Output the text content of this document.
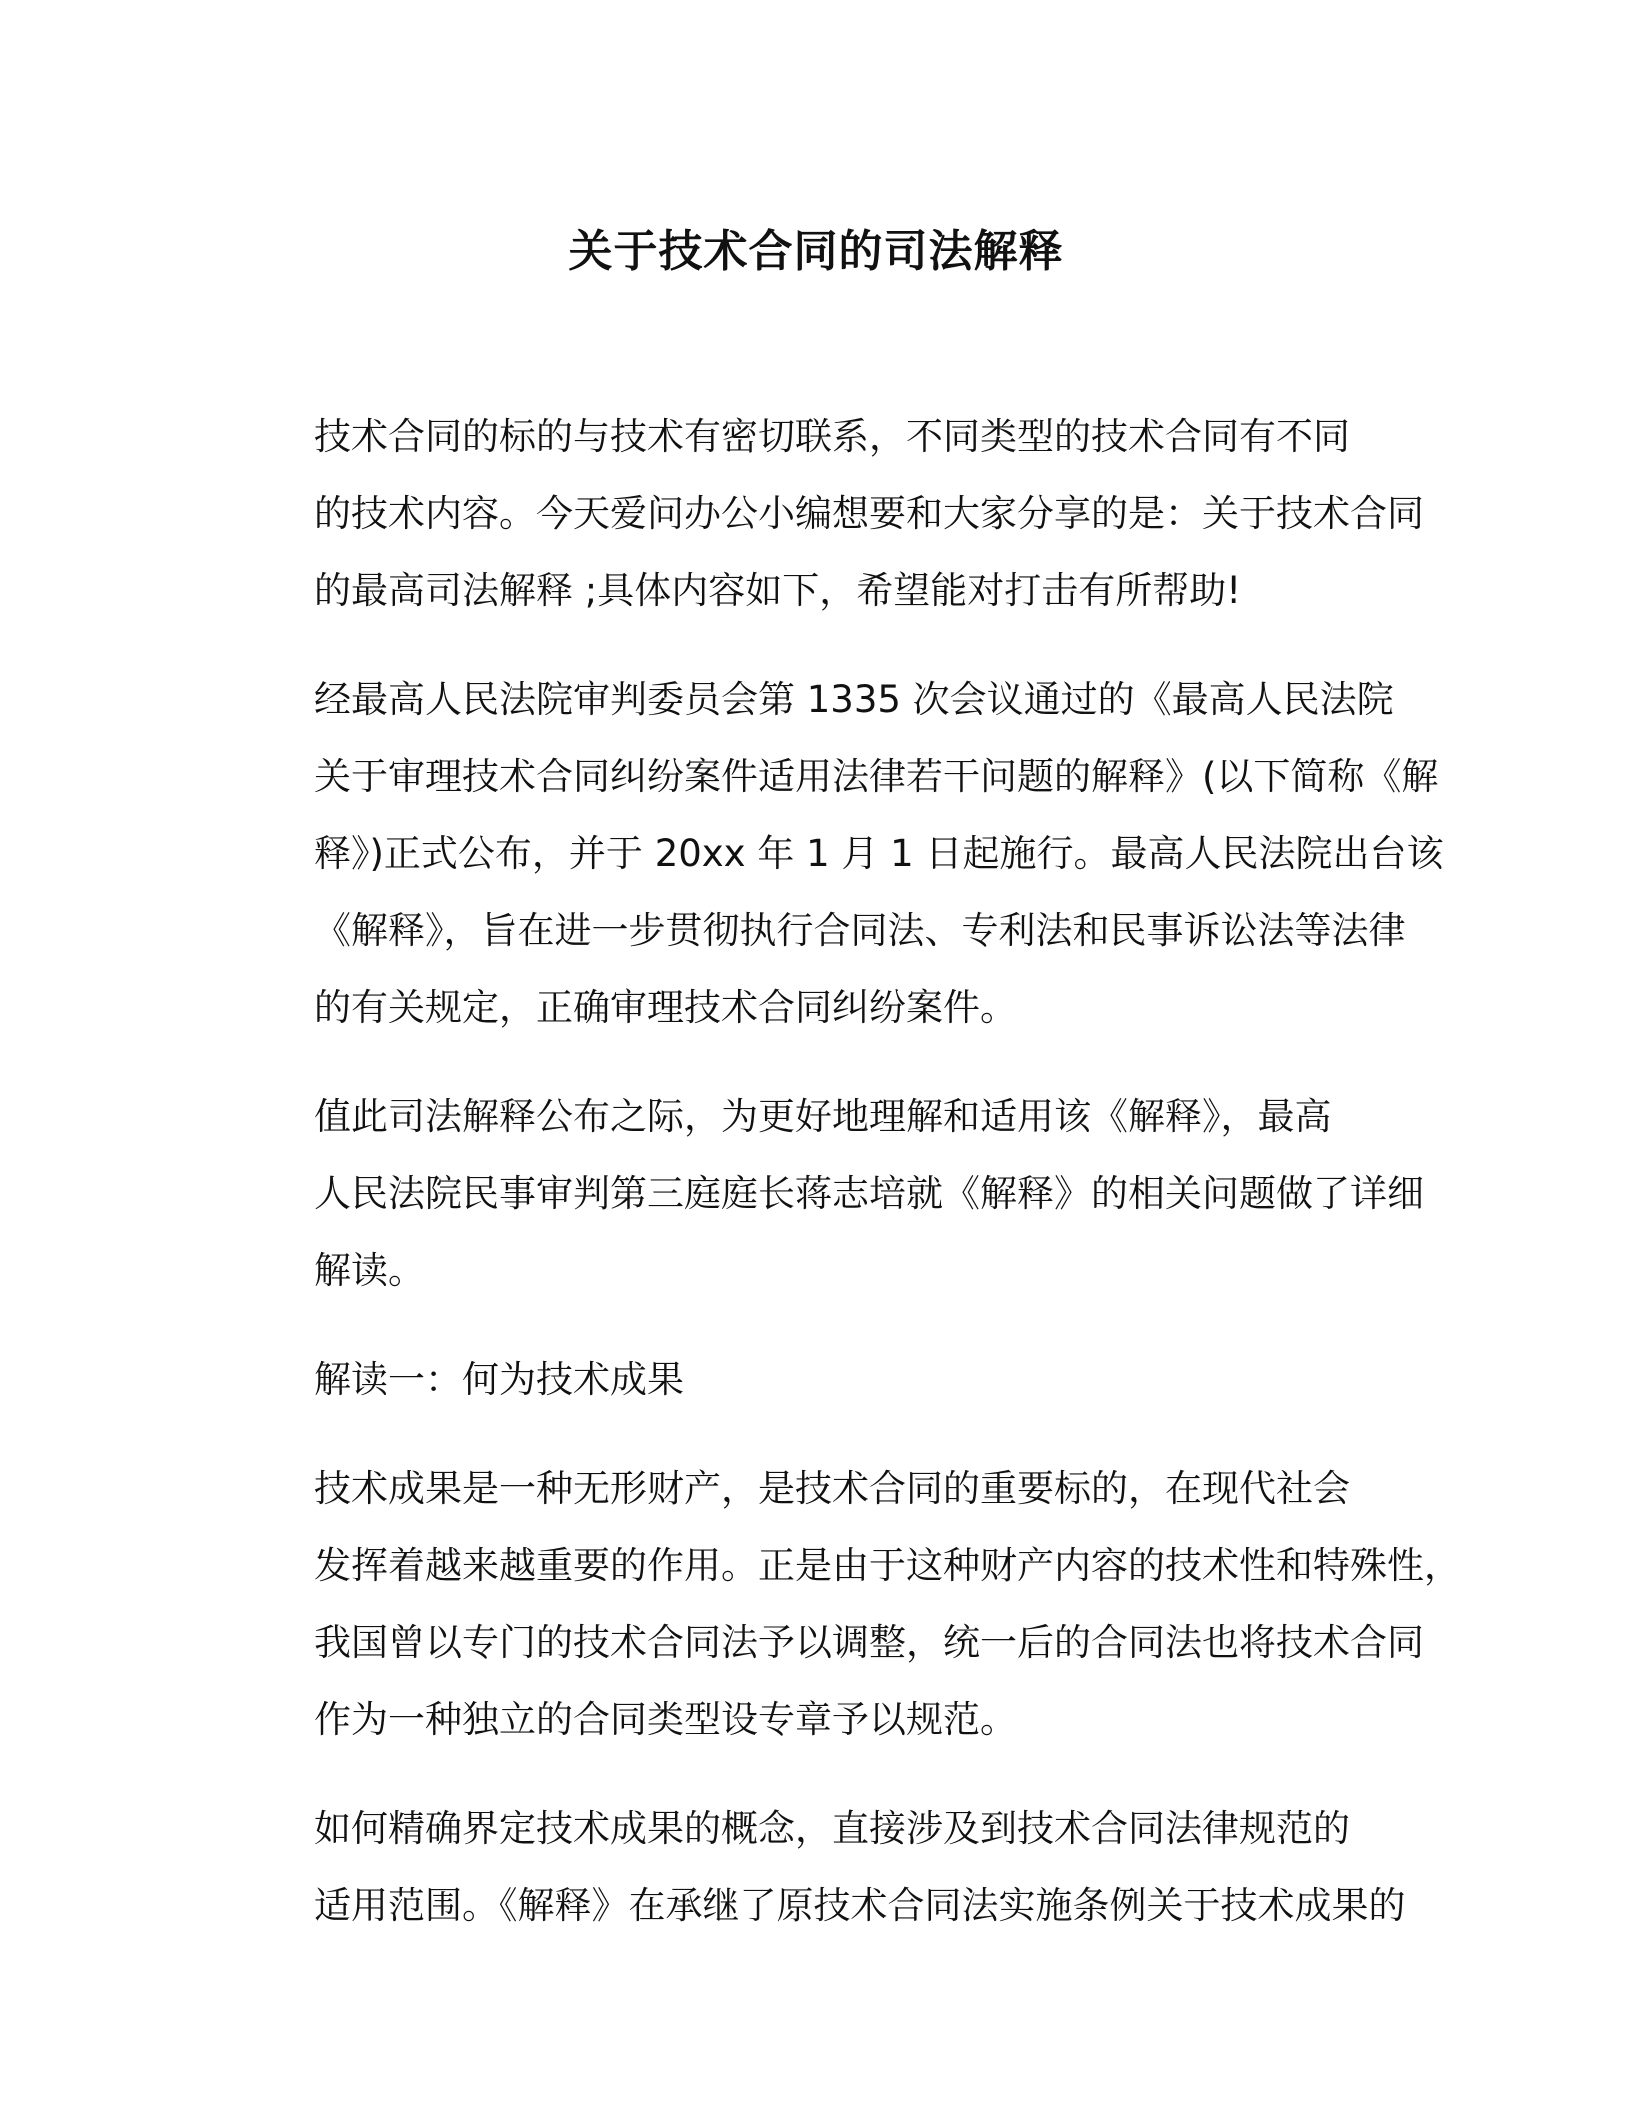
关于技术合同的司法解释

技术合同的标的与技术有密切联系，不同类型的技术合同有不同
的技术内容。今天爱问办公小编想要和大家分享的是：关于技术合同
的最高司法解释 ;具体内容如下，希望能对打击有所帮助!

经最高人民法院审判委员会第 1335 次会议通过的《最高人民法院
关于审理技术合同纠纷案件适用法律若干问题的解释》(以下简称《解
释》)正式公布，并于 20xx 年 1 月 1 日起施行。最高人民法院出台该
《解释》，旨在进一步贯彻执行合同法、专利法和民事诉讼法等法律
的有关规定，正确审理技术合同纠纷案件。

值此司法解释公布之际，为更好地理解和适用该《解释》，最高
人民法院民事审判第三庭庭长蒋志培就《解释》的相关问题做了详细
解读。

解读一：何为技术成果

技术成果是一种无形财产，是技术合同的重要标的，在现代社会
发挥着越来越重要的作用。正是由于这种财产内容的技术性和特殊性，
我国曾以专门的技术合同法予以调整，统一后的合同法也将技术合同
作为一种独立的合同类型设专章予以规范。

如何精确界定技术成果的概念，直接涉及到技术合同法律规范的
适用范围。《解释》在承继了原技术合同法实施条例关于技术成果的
